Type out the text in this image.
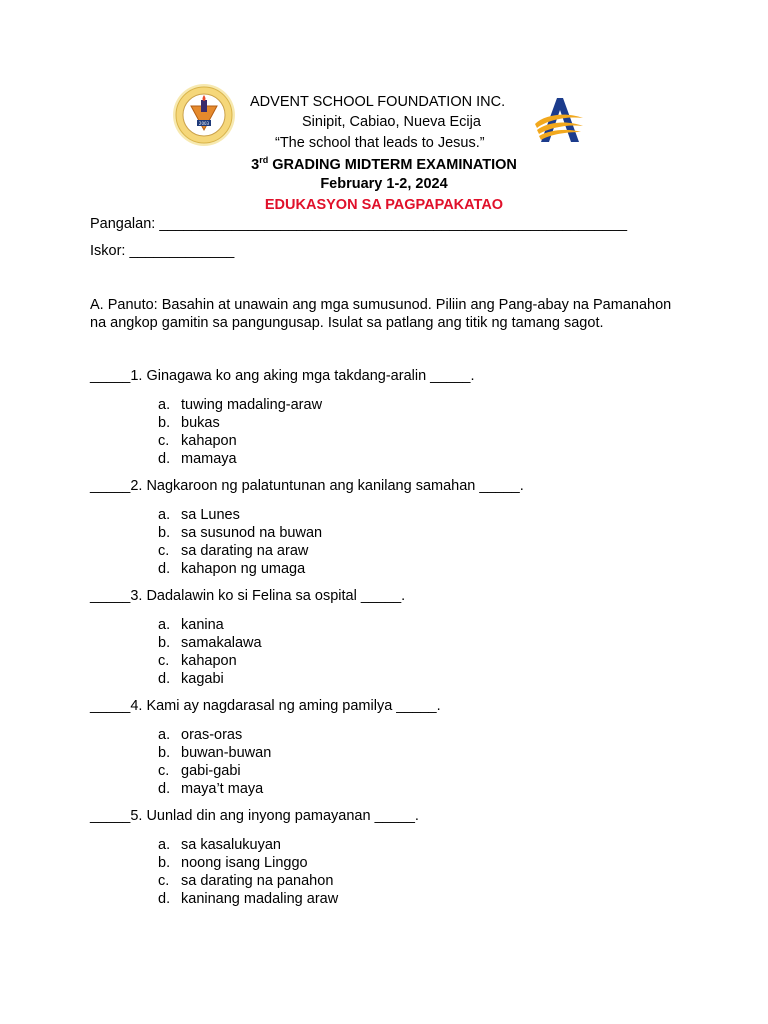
2003
ADVENT SCHOOL FOUNDATION INC.
Sinipit, Cabiao, Nueva Ecija
“The school that leads to Jesus.”
3rd GRADING MIDTERM EXAMINATION
February 1-2, 2024
EDUKASYON SA PAGPAPAKATAO
Pangalan: __________________________________________________________
Iskor: _____________
A. Panuto: Basahin at unawain ang mga sumusunod. Piliin ang Pang-abay na Pamanahon na angkop gamitin sa pangungusap. Isulat sa patlang ang titik ng tamang sagot.
_____1. Ginagawa ko ang aking mga takdang-aralin _____.
a. tuwing madaling-araw
b. bukas
c. kahapon
d. mamaya
_____2. Nagkaroon ng palatuntunan ang kanilang samahan _____.
a. sa Lunes
b. sa susunod na buwan
c. sa darating na araw
d. kahapon ng umaga
_____3. Dadalawin ko si Felina sa ospital _____.
a. kanina
b. samakalawa
c. kahapon
d. kagabi
_____4. Kami ay nagdarasal ng aming pamilya _____.
a. oras-oras
b. buwan-buwan
c. gabi-gabi
d. maya’t maya
_____5. Uunlad din ang inyong pamayanan _____.
a. sa kasalukuyan
b. noong isang Linggo
c. sa darating na panahon
d. kaninang madaling araw
